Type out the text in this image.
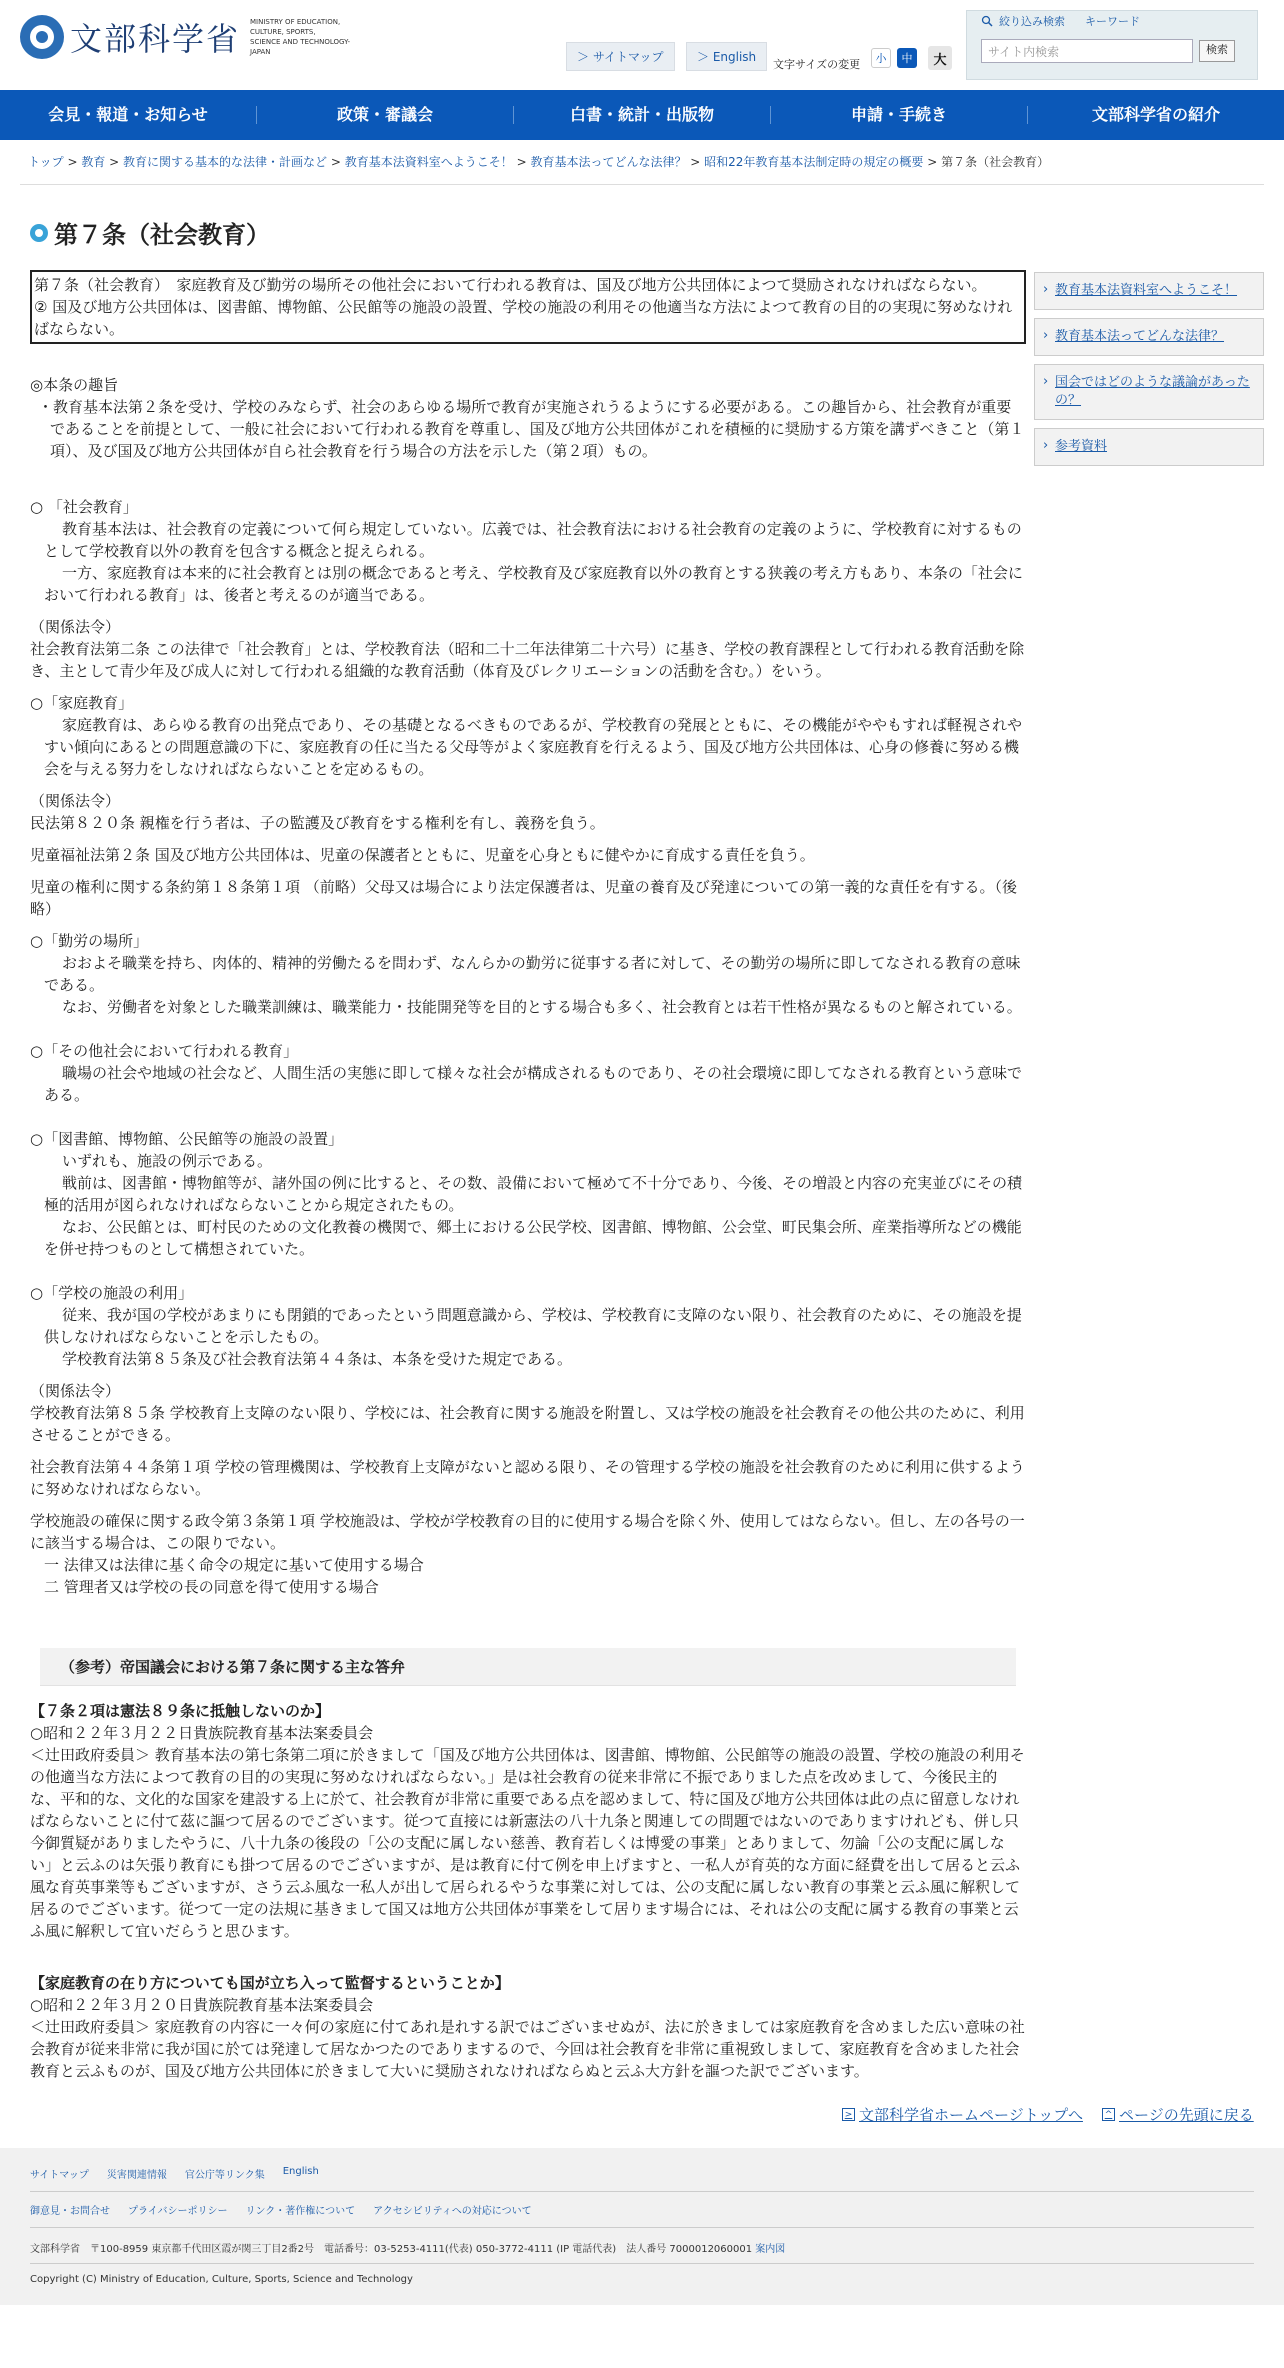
文部科学省 MINISTRY OF EDUCATION,
CULTURE, SPORTS,
SCIENCE AND TECHNOLOGY-JAPAN	＞ サイトマップ	＞ English
文字サイズの変更	小	中	大
絞り込み検索 キーワード
サイト内検索	検索
会見・報道・お知らせ	政策・審議会	白書・統計・出版物	申請・手続き	文部科学省の紹介
トップ > 教育 > 教育に関する基本的な法律・計画など > 教育基本法資料室へようこそ！ > 教育基本法ってどんな法律？ > 昭和22年教育基本法制定時の規定の概要 > 第７条（社会教育）
第７条（社会教育）
› 教育基本法資料室へようこそ！
› 教育基本法ってどんな法律？
› 国会ではどのような議論があったの？
› 参考資料
第７条（社会教育）　家庭教育及び勤労の場所その他社会において行われる教育は、国及び地方公共団体によつて奨励されなければならない。
② 国及び地方公共団体は、図書館、博物館、公民館等の施設の設置、学校の施設の利用その他適当な方法によつて教育の目的の実現に努めなければならない。
◎本条の趣旨
・教育基本法第２条を受け、学校のみならず、社会のあらゆる場所で教育が実施されうるようにする必要がある。この趣旨から、社会教育が重要であることを前提として、一般に社会において行われる教育を尊重し、国及び地方公共団体がこれを積極的に奨励する方策を講ずべきこと（第１項）、及び国及び地方公共団体が自ら社会教育を行う場合の方法を示した（第２項）もの。
○ 「社会教育」
教育基本法は、社会教育の定義について何ら規定していない。広義では、社会教育法における社会教育の定義のように、学校教育に対するものとして学校教育以外の教育を包含する概念と捉えられる。
一方、家庭教育は本来的に社会教育とは別の概念であると考え、学校教育及び家庭教育以外の教育とする狭義の考え方もあり、本条の「社会において行われる教育」は、後者と考えるのが適当である。
（関係法令）
社会教育法第二条 この法律で「社会教育」とは、学校教育法（昭和二十二年法律第二十六号）に基き、学校の教育課程として行われる教育活動を除き、主として青少年及び成人に対して行われる組織的な教育活動（体育及びレクリエーションの活動を含む。）をいう。
○「家庭教育」
家庭教育は、あらゆる教育の出発点であり、その基礎となるべきものであるが、学校教育の発展とともに、その機能がややもすれば軽視されやすい傾向にあるとの問題意識の下に、家庭教育の任に当たる父母等がよく家庭教育を行えるよう、国及び地方公共団体は、心身の修養に努める機会を与える努力をしなければならないことを定めるもの。
（関係法令）
民法第８２０条 親権を行う者は、子の監護及び教育をする権利を有し、義務を負う。
児童福祉法第２条 国及び地方公共団体は、児童の保護者とともに、児童を心身ともに健やかに育成する責任を負う。
児童の権利に関する条約第１８条第１項 （前略）父母又は場合により法定保護者は、児童の養育及び発達についての第一義的な責任を有する。（後略）
○「勤労の場所」
おおよそ職業を持ち、肉体的、精神的労働たるを問わず、なんらかの勤労に従事する者に対して、その勤労の場所に即してなされる教育の意味である。
なお、労働者を対象とした職業訓練は、職業能力・技能開発等を目的とする場合も多く、社会教育とは若干性格が異なるものと解されている。
○「その他社会において行われる教育」
職場の社会や地域の社会など、人間生活の実態に即して様々な社会が構成されるものであり、その社会環境に即してなされる教育という意味である。
○「図書館、博物館、公民館等の施設の設置」
いずれも、施設の例示である。
戦前は、図書館・博物館等が、諸外国の例に比すると、その数、設備において極めて不十分であり、今後、その増設と内容の充実並びにその積極的活用が図られなければならないことから規定されたもの。
なお、公民館とは、町村民のための文化教養の機関で、郷土における公民学校、図書館、博物館、公会堂、町民集会所、産業指導所などの機能を併せ持つものとして構想されていた。
○「学校の施設の利用」
従来、我が国の学校があまりにも閉鎖的であったという問題意識から、学校は、学校教育に支障のない限り、社会教育のために、その施設を提供しなければならないことを示したもの。
学校教育法第８５条及び社会教育法第４４条は、本条を受けた規定である。
（関係法令）
学校教育法第８５条 学校教育上支障のない限り、学校には、社会教育に関する施設を附置し、又は学校の施設を社会教育その他公共のために、利用させることができる。
社会教育法第４４条第１項 学校の管理機関は、学校教育上支障がないと認める限り、その管理する学校の施設を社会教育のために利用に供するように努めなければならない。
学校施設の確保に関する政令第３条第１項 学校施設は、学校が学校教育の目的に使用する場合を除く外、使用してはならない。但し、左の各号の一に該当する場合は、この限りでない。
一 法律又は法律に基く命令の規定に基いて使用する場合
二 管理者又は学校の長の同意を得て使用する場合
（参考）帝国議会における第７条に関する主な答弁
【７条２項は憲法８９条に抵触しないのか】
○昭和２２年３月２２日貴族院教育基本法案委員会
＜辻田政府委員＞ 教育基本法の第七条第二項に於きまして「国及び地方公共団体は、図書館、博物館、公民館等の施設の設置、学校の施設の利用その他適当な方法によつて教育の目的の実現に努めなければならない。」是は社会教育の従来非常に不振でありました点を改めまして、今後民主的な、平和的な、文化的な国家を建設する上に於て、社会教育が非常に重要である点を認めまして、特に国及び地方公共団体は此の点に留意しなければならないことに付て茲に謳つて居るのでございます。従つて直接には新憲法の八十九条と関連しての問題ではないのでありますけれども、併し只今御質疑がありましたやうに、八十九条の後段の「公の支配に属しない慈善、教育若しくは博愛の事業」とありまして、勿論「公の支配に属しない」と云ふのは矢張り教育にも掛つて居るのでございますが、是は教育に付て例を申上げますと、一私人が育英的な方面に経費を出して居ると云ふ風な育英事業等もございますが、さう云ふ風な一私人が出して居られるやうな事業に対しては、公の支配に属しない教育の事業と云ふ風に解釈して居るのでございます。従つて一定の法規に基きまして国又は地方公共団体が事業をして居ります場合には、それは公の支配に属する教育の事業と云ふ風に解釈して宜いだらうと思ひます。
【家庭教育の在り方についても国が立ち入って監督するということか】
○昭和２２年３月２０日貴族院教育基本法案委員会
＜辻田政府委員＞ 家庭教育の内容に一々何の家庭に付てあれ是れする訳ではございませぬが、法に於きましては家庭教育を含めました広い意味の社会教育が従来非常に我が国に於ては発達して居なかつたのでありまするので、今回は社会教育を非常に重視致しまして、家庭教育を含めました社会教育と云ふものが、国及び地方公共団体に於きまして大いに奨励されなければならぬと云ふ大方針を謳つた訳でございます。
> 文部科学省ホームページトップへ	^ ページの先頭に戻る
サイトマップ 災害関連情報 官公庁等リンク集 English
御意見・お問合せ プライバシーポリシー リンク・著作権について アクセシビリティへの対応について
文部科学省　〒100-8959 東京都千代田区霞が関三丁目2番2号　電話番号：03-5253-4111(代表) 050-3772-4111 (IP 電話代表)　法人番号 7000012060001 案内図
Copyright (C) Ministry of Education, Culture, Sports, Science and Technology
